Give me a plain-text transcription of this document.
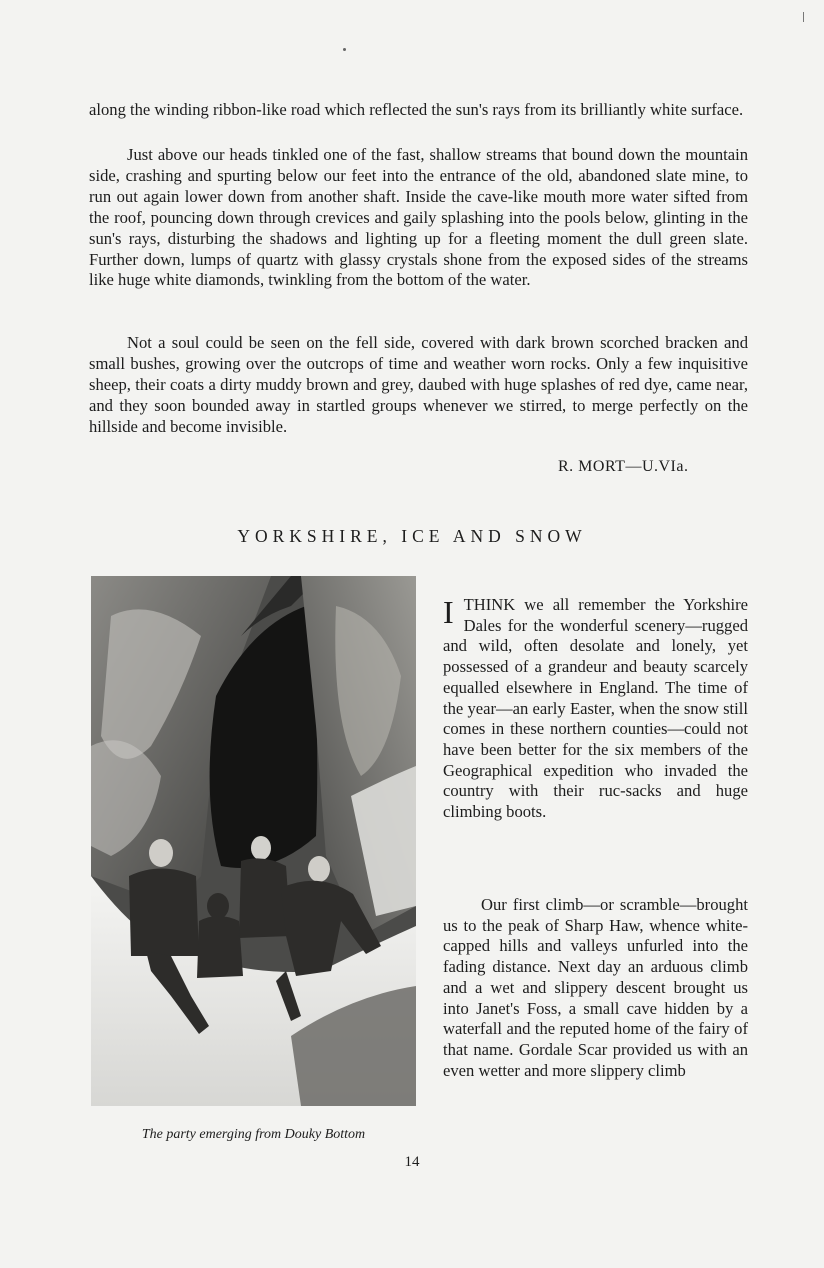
along the winding ribbon-like road which reflected the sun's rays from its brilliantly white surface.

Just above our heads tinkled one of the fast, shallow streams that bound down the mountain side, crashing and spurting below our feet into the entrance of the old, abandoned slate mine, to run out again lower down from another shaft. Inside the cave-like mouth more water sifted from the roof, pouncing down through crevices and gaily splashing into the pools below, glinting in the sun's rays, disturbing the shadows and lighting up for a fleeting moment the dull green slate. Further down, lumps of quartz with glassy crystals shone from the exposed sides of the streams like huge white diamonds, twinkling from the bottom of the water.

Not a soul could be seen on the fell side, covered with dark brown scorched bracken and small bushes, growing over the outcrops of time and weather worn rocks. Only a few inquisitive sheep, their coats a dirty muddy brown and grey, daubed with huge splashes of red dye, came near, and they soon bounded away in startled groups whenever we stirred, to merge perfectly on the hillside and become invisible.

R. MORT—U.VIa.
YORKSHIRE, ICE AND SNOW
The party emerging from Douky Bottom

ITHINK we all remember the Yorkshire Dales for the wonderful scenery—rugged and wild, often desolate and lonely, yet possessed of a grandeur and beauty scarcely equalled elsewhere in England. The time of the year—an early Easter, when the snow still comes in these northern counties—could not have been better for the six members of the Geographical expedition who invaded the country with their ruc-sacks and huge climbing boots.

Our first climb—or scramble—brought us to the peak of Sharp Haw, whence white-capped hills and valleys unfurled into the fading distance. Next day an arduous climb and a wet and slippery descent brought us into Janet's Foss, a small cave hidden by a waterfall and the reputed home of the fairy of that name. Gordale Scar provided us with an even wetter and more slippery climb

14
